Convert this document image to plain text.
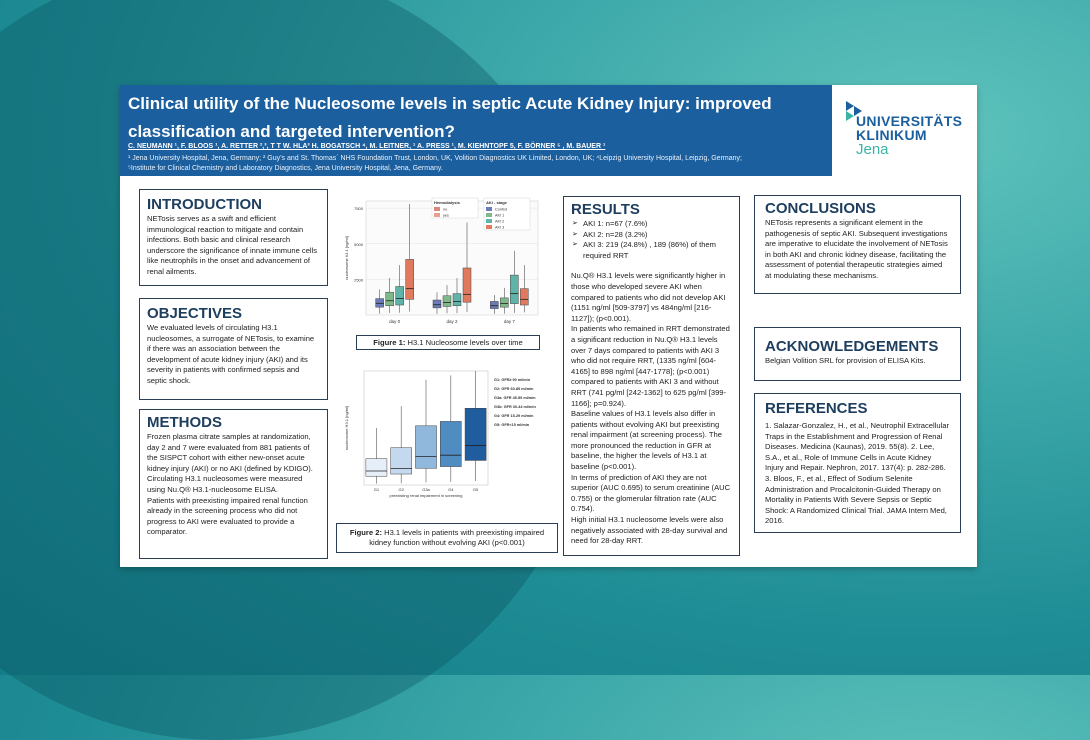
Clinical utility of the Nucleosome levels in septic Acute Kidney Injury: improved
classification and targeted intervention?
C. NEUMANN ¹, F. BLOOS ¹, A. RETTER ²,³, T T W. HLA³ H. BOGATSCH ⁴, M. LEITNER, ¹ A. PRESS ¹, M. KIEHNTOPF 5, F. BÖRNER ⁵ , M. BAUER ¹
¹ Jena University Hospital, Jena, Germany; ² Guy’s and St. Thomas´ NHS Foundation Trust, London, UK, Volition Diagnostics UK Limited, London, UK; ⁴Leipzig University Hospital, Leipzig, Germany;
⁵Institute for Clinical Chemistry and Laboratory Diagnostics, Jena University Hospital, Jena, Germany.
UNIVERSITÄTS
KLINIKUM
Jena
INTRODUCTION

NETosis serves as a swift and efficient immunological reaction to mitigate and contain infections. Both basic and clinical research underscore the significance of innate immune cells like neutrophils in the onset and advancement of renal ailments.

OBJECTIVES

We evaluated levels of circulating H3.1 nucleosomes, a surrogate of NETosis, to examine if there was an association between the development of acute kidney injury (AKI) and its severity in patients with confirmed sepsis and septic shock.

METHODS

Frozen plasma citrate samples at randomization, day 2 and 7 were evaluated from 881 patients of the SISPCT cohort with either new-onset acute kidney injury (AKI) or no AKI (defined by KDIGO). Circulating H3.1 nucleosomes were measured using Nu.Q® H3.1-nucleosome ELISA.
Patients with preexisting impaired renal function already in the screening process who did not progress to AKI were evaluated to provide a comparator.

2500
5000
7500
nucleosome h3.1 [ng/ml]
day 0	day 2	day 7
Hemodialysis
no
yes
AKI - stage
Control
AKI 1
AKI 2
AKI 3
Figure 1: H3.1 Nucleosome levels over time
nucleosome H3.1 [ng/ml]
G1	G2	G3a	G4	G5
preexisting renal impairment in screening
G1: GFR≥ 90 ml/min
G2: GFR 60-89 ml/min
G3a: GFR 45-59 ml/min
G3b: GFR 30-44 ml/min
G4: GFR 15-29 ml/min
G5: GFR<15 ml/min
Figure 2: H3.1 levels in patients with preexisting impaired kidney function without evolving AKI (p<0.001)
RESULTS
➢ AKI 1: n=67 (7.6%)
➢ AKI 2: n=28 (3.2%)
➢ AKI 3: 219 (24.8%) , 189 (86%) of them required RRT

Nu.Q® H3.1 levels were significantly higher in those who developed severe AKI when compared to patients who did not develop AKI (1151 ng/ml [509-3797] vs 484ng/ml [216- 1127]); (p<0.001).
In patients who remained in RRT demonstrated a significant reduction in Nu.Q® H3.1 levels over 7 days compared to patients with AKI 3 who did not require RRT, (1335 ng/ml [604-4165] to 898 ng/ml [447-1778]; (p<0.001) compared to patients with AKI 3 and without RRT (741 pg/ml [242-1362] to 625 pg/ml [399-1166]; p=0.924).
Baseline values of H3.1 levels also differ in patients without evolving AKI but preexisting renal impairment (at screening process). The more pronounced the reduction in GFR at baseline, the higher the levels of H3.1 at baseline (p<0.001).
In terms of prediction of AKI they are not superior (AUC 0.695) to serum creatinine (AUC 0.755) or the glomerular filtration rate (AUC 0.754).
High initial H3.1 nucleosome levels were also negatively associated with 28-day survival and need for 28-day RRT.

CONCLUSIONS

NETosis represents a significant element in the pathogenesis of septic AKI. Subsequent investigations are imperative to elucidate the involvement of NETosis in both AKI and chronic kidney disease, facilitating the assessment of potential therapeutic strategies aimed at modulating these mechanisms.

ACKNOWLEDGEMENTS

Belgian Volition SRL for provision of ELISA Kits.

REFERENCES

1. Salazar-Gonzalez, H., et al., Neutrophil Extracellular Traps in the Establishment and Progression of Renal Diseases. Medicina (Kaunas), 2019. 55(8). 2. Lee, S.A., et al., Role of Immune Cells in Acute Kidney Injury and Repair. Nephron, 2017. 137(4): p. 282-286. 3. Bloos, F., et al., Effect of Sodium Selenite Administration and Procalcitonin-Guided Therapy on Mortality in Patients With Severe Sepsis or Septic Shock: A Randomized Clinical Trial. JAMA Intern Med, 2016.
